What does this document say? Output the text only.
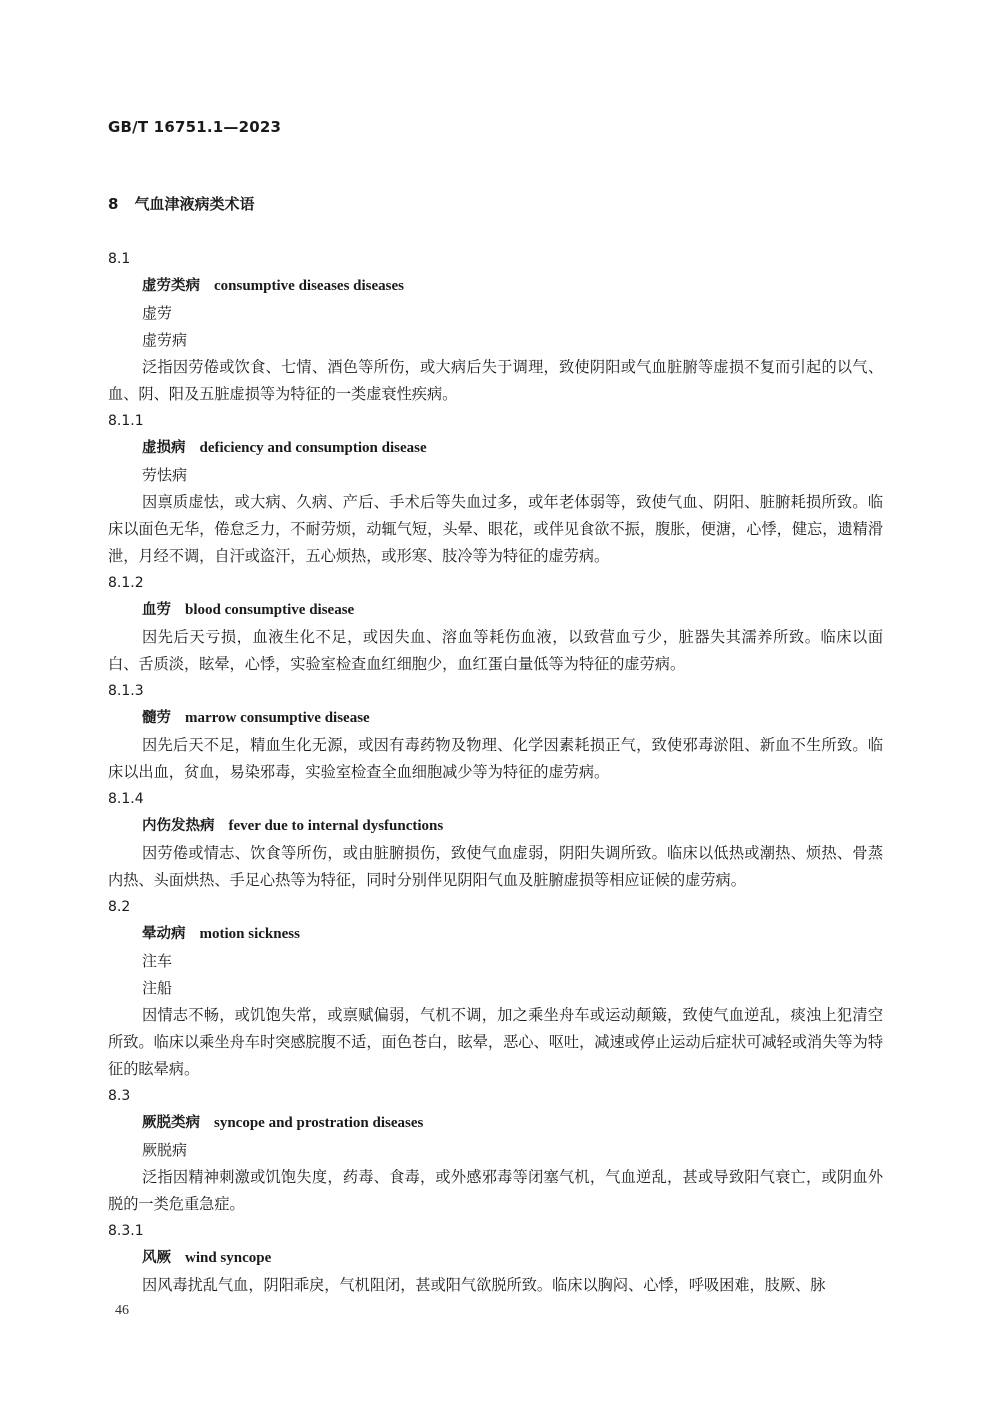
GB/T 16751.1—2023
8 气血津液病类术语
8.1
虚劳类病 consumptive diseases diseases
虚劳
虚劳病
泛指因劳倦或饮食、七情、酒色等所伤，或大病后失于调理，致使阴阳或气血脏腑等虚损不复而引起的以气、血、阴、阳及五脏虚损等为特征的一类虚衰性疾病。
8.1.1
虚损病 deficiency and consumption disease
劳怯病
因禀质虚怯，或大病、久病、产后、手术后等失血过多，或年老体弱等，致使气血、阴阳、脏腑耗损所致。临床以面色无华，倦怠乏力，不耐劳烦，动辄气短，头晕、眼花，或伴见食欲不振，腹胀，便溏，心悸，健忘，遗精滑泄，月经不调，自汗或盗汗，五心烦热，或形寒、肢冷等为特征的虚劳病。
8.1.2
血劳 blood consumptive disease
因先后天亏损，血液生化不足，或因失血、溶血等耗伤血液，以致营血亏少，脏器失其濡养所致。临床以面白、舌质淡，眩晕，心悸，实验室检查血红细胞少，血红蛋白量低等为特征的虚劳病。
8.1.3
髓劳 marrow consumptive disease
因先后天不足，精血生化无源，或因有毒药物及物理、化学因素耗损正气，致使邪毒淤阻、新血不生所致。临床以出血，贫血，易染邪毒，实验室检查全血细胞减少等为特征的虚劳病。
8.1.4
内伤发热病 fever due to internal dysfunctions
因劳倦或情志、饮食等所伤，或由脏腑损伤，致使气血虚弱，阴阳失调所致。临床以低热或潮热、烦热、骨蒸内热、头面烘热、手足心热等为特征，同时分别伴见阴阳气血及脏腑虚损等相应证候的虚劳病。
8.2
晕动病 motion sickness
注车
注船
因情志不畅，或饥饱失常，或禀赋偏弱，气机不调，加之乘坐舟车或运动颠簸，致使气血逆乱，痰浊上犯清空所致。临床以乘坐舟车时突感脘腹不适，面色苍白，眩晕，恶心、呕吐，减速或停止运动后症状可减轻或消失等为特征的眩晕病。
8.3
厥脱类病 syncope and prostration diseases
厥脱病
泛指因精神刺激或饥饱失度，药毒、食毒，或外感邪毒等闭塞气机，气血逆乱，甚或导致阳气衰亡，或阴血外脱的一类危重急症。
8.3.1
风厥 wind syncope
因风毒扰乱气血，阴阳乖戾，气机阻闭，甚或阳气欲脱所致。临床以胸闷、心悸，呼吸困难，肢厥、脉
46
